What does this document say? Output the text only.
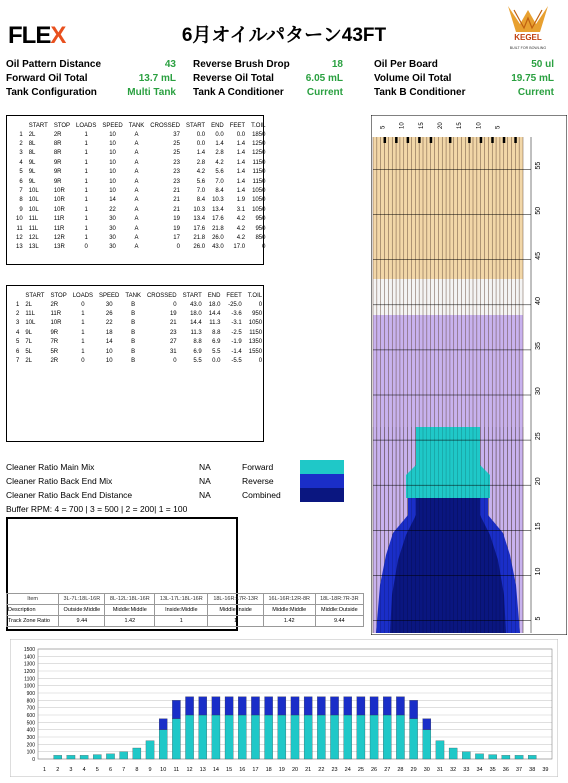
FLEX	6月オイルパターン43FT	KEGEL
BUILT FOR BOWLING
Oil Pattern Distance	43
Forward Oil Total	13.7 mL
Tank Configuration	Multi Tank
Reverse Brush Drop	18
Reverse Oil Total	6.05 mL
Tank A Conditioner Current
Oil Per Board	50 ul
Volume Oil Total	19.75 mL
Tank B Conditioner	Current
	START	STOP	LOADS	SPEED	TANK	CROSSED	START	END	FEET	T.OIL
1	2L	2R	1	10	A	37	0.0	0.0	0.0	1850
2	8L	8R	1	10	A	25	0.0	1.4	1.4	1250
3	8L	8R	1	10	A	25	1.4	2.8	1.4	1250
4	9L	9R	1	10	A	23	2.8	4.2	1.4	1150
5	9L	9R	1	10	A	23	4.2	5.6	1.4	1150
6	9L	9R	1	10	A	23	5.6	7.0	1.4	1150
7	10L	10R	1	10	A	21	7.0	8.4	1.4	1050
8	10L	10R	1	14	A	21	8.4	10.3	1.9	1050
9	10L	10R	1	22	A	21	10.3	13.4	3.1	1050
10	11L	11R	1	30	A	19	13.4	17.6	4.2	950
11	11L	11R	1	30	A	19	17.6	21.8	4.2	950
12	12L	12R	1	30	A	17	21.8	26.0	4.2	850
13	13L	13R	0	30	A	0	26.0	43.0	17.0	0
	START	STOP	LOADS	SPEED	TANK	CROSSED	START	END	FEET	T.OIL
1	2L	2R	0	30	B	0	43.0	18.0	-25.0	0
2	11L	11R	1	26	B	19	18.0	14.4	-3.6	950
3	10L	10R	1	22	B	21	14.4	11.3	-3.1	1050
4	9L	9R	1	18	B	23	11.3	8.8	-2.5	1150
5	7L	7R	1	14	B	27	8.8	6.9	-1.9	1350
6	5L	5R	1	10	B	31	6.9	5.5	-1.4	1550
7	2L	2R	0	10	B	0	5.5	0.0	-5.5	0
Cleaner Ratio Main Mix	NA	Forward
Cleaner Ratio Back End Mix	NA	Reverse
Cleaner Ratio Back End Distance	NA	Combined
Buffer RPM: 4 = 700 | 3 = 500 | 2 = 200| 1 = 100
Item	3L-7L:18L-16R	8L-12L:18L-16R	13L-17L:18L-16R	18L-16R:17R-13R	16L-16R:12R-8R	18L-18R:7R-3R
Description	Outside:Middle	Middle:Middle	Inside:Middle	Middle:Inside	Middle:Middle	Middle:Outside
Track Zone Ratio	9.44	1.42	1	1	1.42	9.44
55
50
45
40
35
30
25
20
15
10
5
5 10 15 20 15 10 5
0
100
200
300
400
500
600
700
800
900
1000
1100
1200
1300
1400
1500
1 2 3 4 5 6 7 8 9 10 11 12 13 14 15 16 17 18 19 20 21 22 23 24 25 26 27 28 29 30 31 32 33 34 35 36 37 38 39
